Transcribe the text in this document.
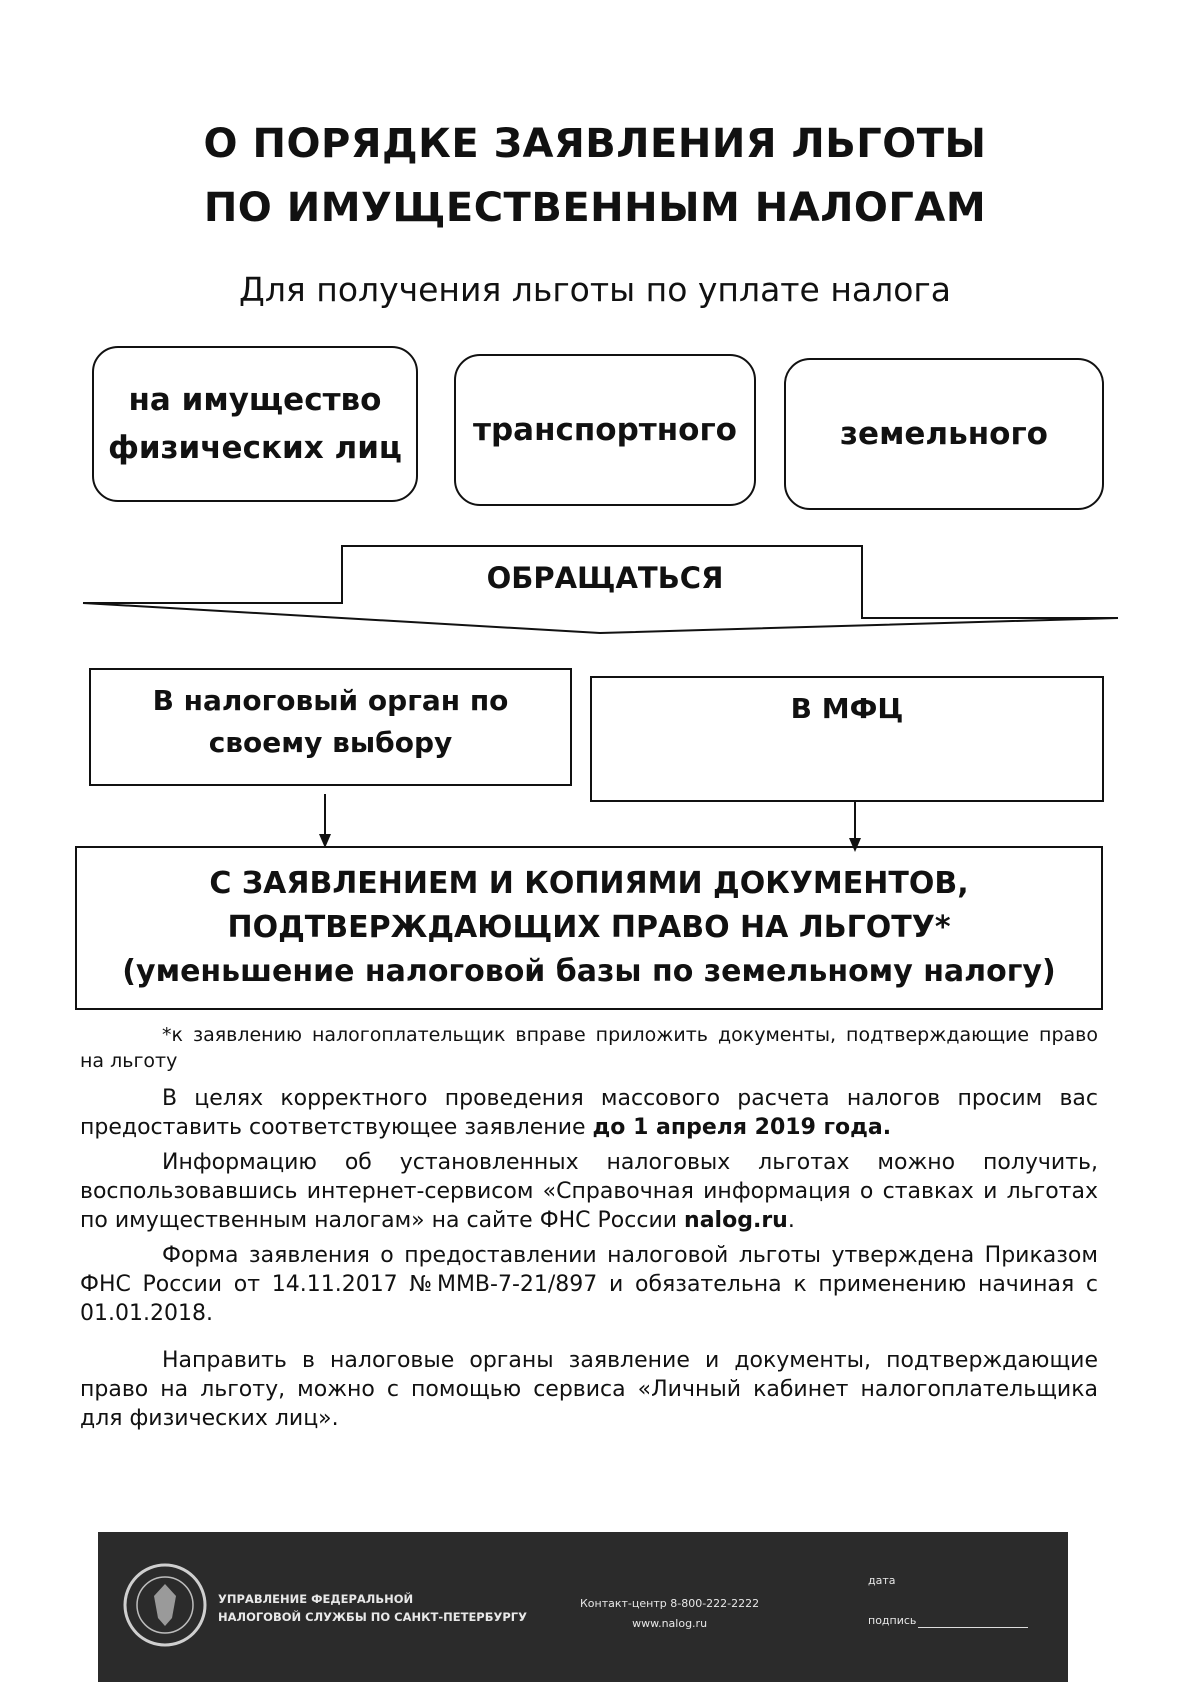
О ПОРЯДКЕ ЗАЯВЛЕНИЯ ЛЬГОТЫ
ПО ИМУЩЕСТВЕННЫМ НАЛОГАМ
Для получения льготы по уплате налога
на имущество
физических лиц транспортного	земельного
ОБРАЩАТЬСЯ
В налоговый орган по
своему выбору
В МФЦ
С ЗАЯВЛЕНИЕМ И КОПИЯМИ ДОКУМЕНТОВ,
ПОДТВЕРЖДАЮЩИХ ПРАВО НА ЛЬГОТУ*
(уменьшение налоговой базы по земельному налогу)

*к заявлению налогоплательщик вправе приложить документы, подтверждающие право на льготу

В целях корректного проведения массового расчета налогов просим вас предоставить соответствующее заявление до 1 апреля 2019 года.

Информацию об установленных налоговых льготах можно получить, воспользовавшись интернет-сервисом «Справочная информация о ставках и льготах по имущественным налогам» на сайте ФНС России nalog.ru.

Форма заявления о предоставлении налоговой льготы утверждена Приказом ФНС России от 14.11.2017 №ММВ-7-21/897 и обязательна к применению начиная с 01.01.2018.

Направить в налоговые органы заявление и документы, подтверждающие право на льготу, можно с помощью сервиса «Личный кабинет налогоплательщика для физических лиц».

УПРАВЛЕНИЕ ФЕДЕРАЛЬНОЙ
НАЛОГОВОЙ СЛУЖБЫ ПО САНКТ-ПЕТЕРБУРГУ
Контакт-центр 8-800-222-2222
www.nalog.ru
дата
подпись
